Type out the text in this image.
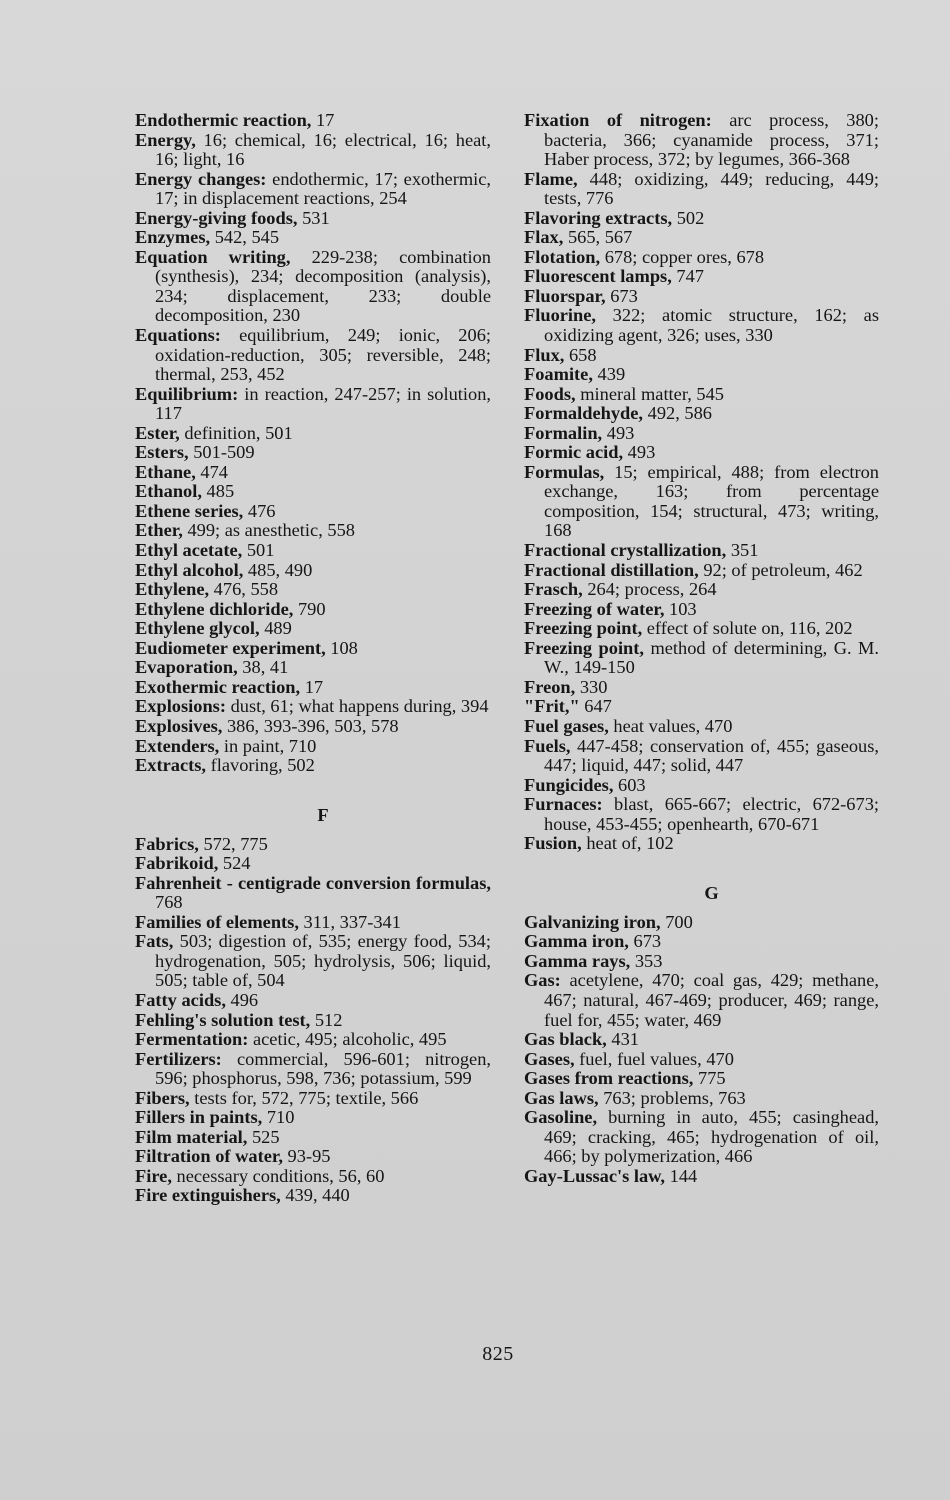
Endothermic reaction, 17

Energy, 16; chemical, 16; electrical, 16; heat, 16; light, 16

Energy changes: endothermic, 17; exothermic, 17; in displacement reactions, 254

Energy-giving foods, 531

Enzymes, 542, 545

Equation writing, 229-238; combination (synthesis), 234; decomposition (analysis), 234; displacement, 233; double decomposition, 230

Equations: equilibrium, 249; ionic, 206; oxidation-reduction, 305; reversible, 248; thermal, 253, 452

Equilibrium: in reaction, 247-257; in solution, 117

Ester, definition, 501

Esters, 501-509

Ethane, 474

Ethanol, 485

Ethene series, 476

Ether, 499; as anesthetic, 558

Ethyl acetate, 501

Ethyl alcohol, 485, 490

Ethylene, 476, 558

Ethylene dichloride, 790

Ethylene glycol, 489

Eudiometer experiment, 108

Evaporation, 38, 41

Exothermic reaction, 17

Explosions: dust, 61; what happens during, 394

Explosives, 386, 393-396, 503, 578

Extenders, in paint, 710

Extracts, flavoring, 502

F

Fabrics, 572, 775

Fabrikoid, 524

Fahrenheit - centigrade conversion formulas, 768

Families of elements, 311, 337-341

Fats, 503; digestion of, 535; energy food, 534; hydrogenation, 505; hydrolysis, 506; liquid, 505; table of, 504

Fatty acids, 496

Fehling's solution test, 512

Fermentation: acetic, 495; alcoholic, 495

Fertilizers: commercial, 596-601; nitrogen, 596; phosphorus, 598, 736; potassium, 599

Fibers, tests for, 572, 775; textile, 566

Fillers in paints, 710

Film material, 525

Filtration of water, 93-95

Fire, necessary conditions, 56, 60

Fire extinguishers, 439, 440

Fixation of nitrogen: arc process, 380; bacteria, 366; cyanamide process, 371; Haber process, 372; by legumes, 366-368

Flame, 448; oxidizing, 449; reducing, 449; tests, 776

Flavoring extracts, 502

Flax, 565, 567

Flotation, 678; copper ores, 678

Fluorescent lamps, 747

Fluorspar, 673

Fluorine, 322; atomic structure, 162; as oxidizing agent, 326; uses, 330

Flux, 658

Foamite, 439

Foods, mineral matter, 545

Formaldehyde, 492, 586

Formalin, 493

Formic acid, 493

Formulas, 15; empirical, 488; from electron exchange, 163; from percentage composition, 154; structural, 473; writing, 168

Fractional crystallization, 351

Fractional distillation, 92; of petroleum, 462

Frasch, 264; process, 264

Freezing of water, 103

Freezing point, effect of solute on, 116, 202

Freezing point, method of determining, G. M. W., 149-150

Freon, 330

"Frit," 647

Fuel gases, heat values, 470

Fuels, 447-458; conservation of, 455; gaseous, 447; liquid, 447; solid, 447

Fungicides, 603

Furnaces: blast, 665-667; electric, 672-673; house, 453-455; openhearth, 670-671

Fusion, heat of, 102

G

Galvanizing iron, 700

Gamma iron, 673

Gamma rays, 353

Gas: acetylene, 470; coal gas, 429; methane, 467; natural, 467-469; producer, 469; range, fuel for, 455; water, 469

Gas black, 431

Gases, fuel, fuel values, 470

Gases from reactions, 775

Gas laws, 763; problems, 763

Gasoline, burning in auto, 455; casinghead, 469; cracking, 465; hydrogenation of oil, 466; by polymerization, 466

Gay-Lussac's law, 144

825
